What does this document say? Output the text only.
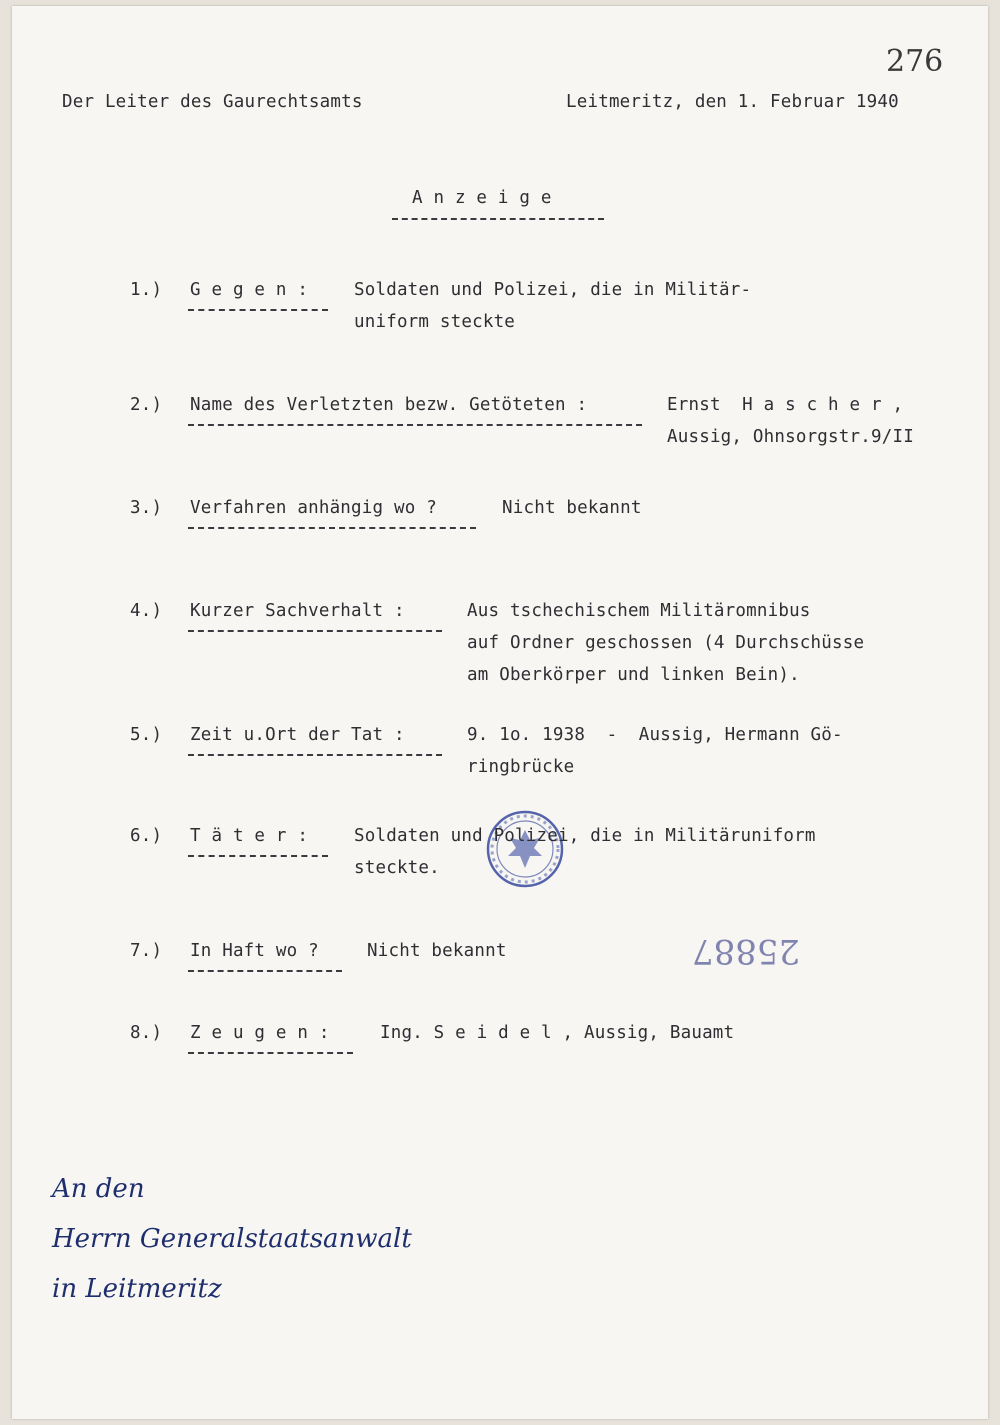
276
Der Leiter des Gaurechtsamts	Leitmeritz, den 1. Februar 1940
A n z e i g e
1.) G e g e n :	Soldaten und Polizei, die in Militär-
uniform steckte
2.) Name des Verletzten bezw. Getöteten :	Ernst  H a s c h e r ,
Aussig, Ohnsorgstr.9/II
3.) Verfahren anhängig wo ?	Nicht bekannt
4.) Kurzer Sachverhalt :	Aus tschechischem Militäromnibus
auf Ordner geschossen (4 Durchschüsse
am Oberkörper und linken Bein).
5.) Zeit u.Ort der Tat :	9. 1o. 1938  -  Aussig, Hermann Gö-
ringbrücke
6.) T ä t e r :	Soldaten und Polizei, die in Militäruniform
steckte.
25887
7.) In Haft wo ?	Nicht bekannt
8.) Z e u g e n :	Ing. S e i d e l , Aussig, Bauamt
An den
Herrn Generalstaatsanwalt
in Leitmeritz
